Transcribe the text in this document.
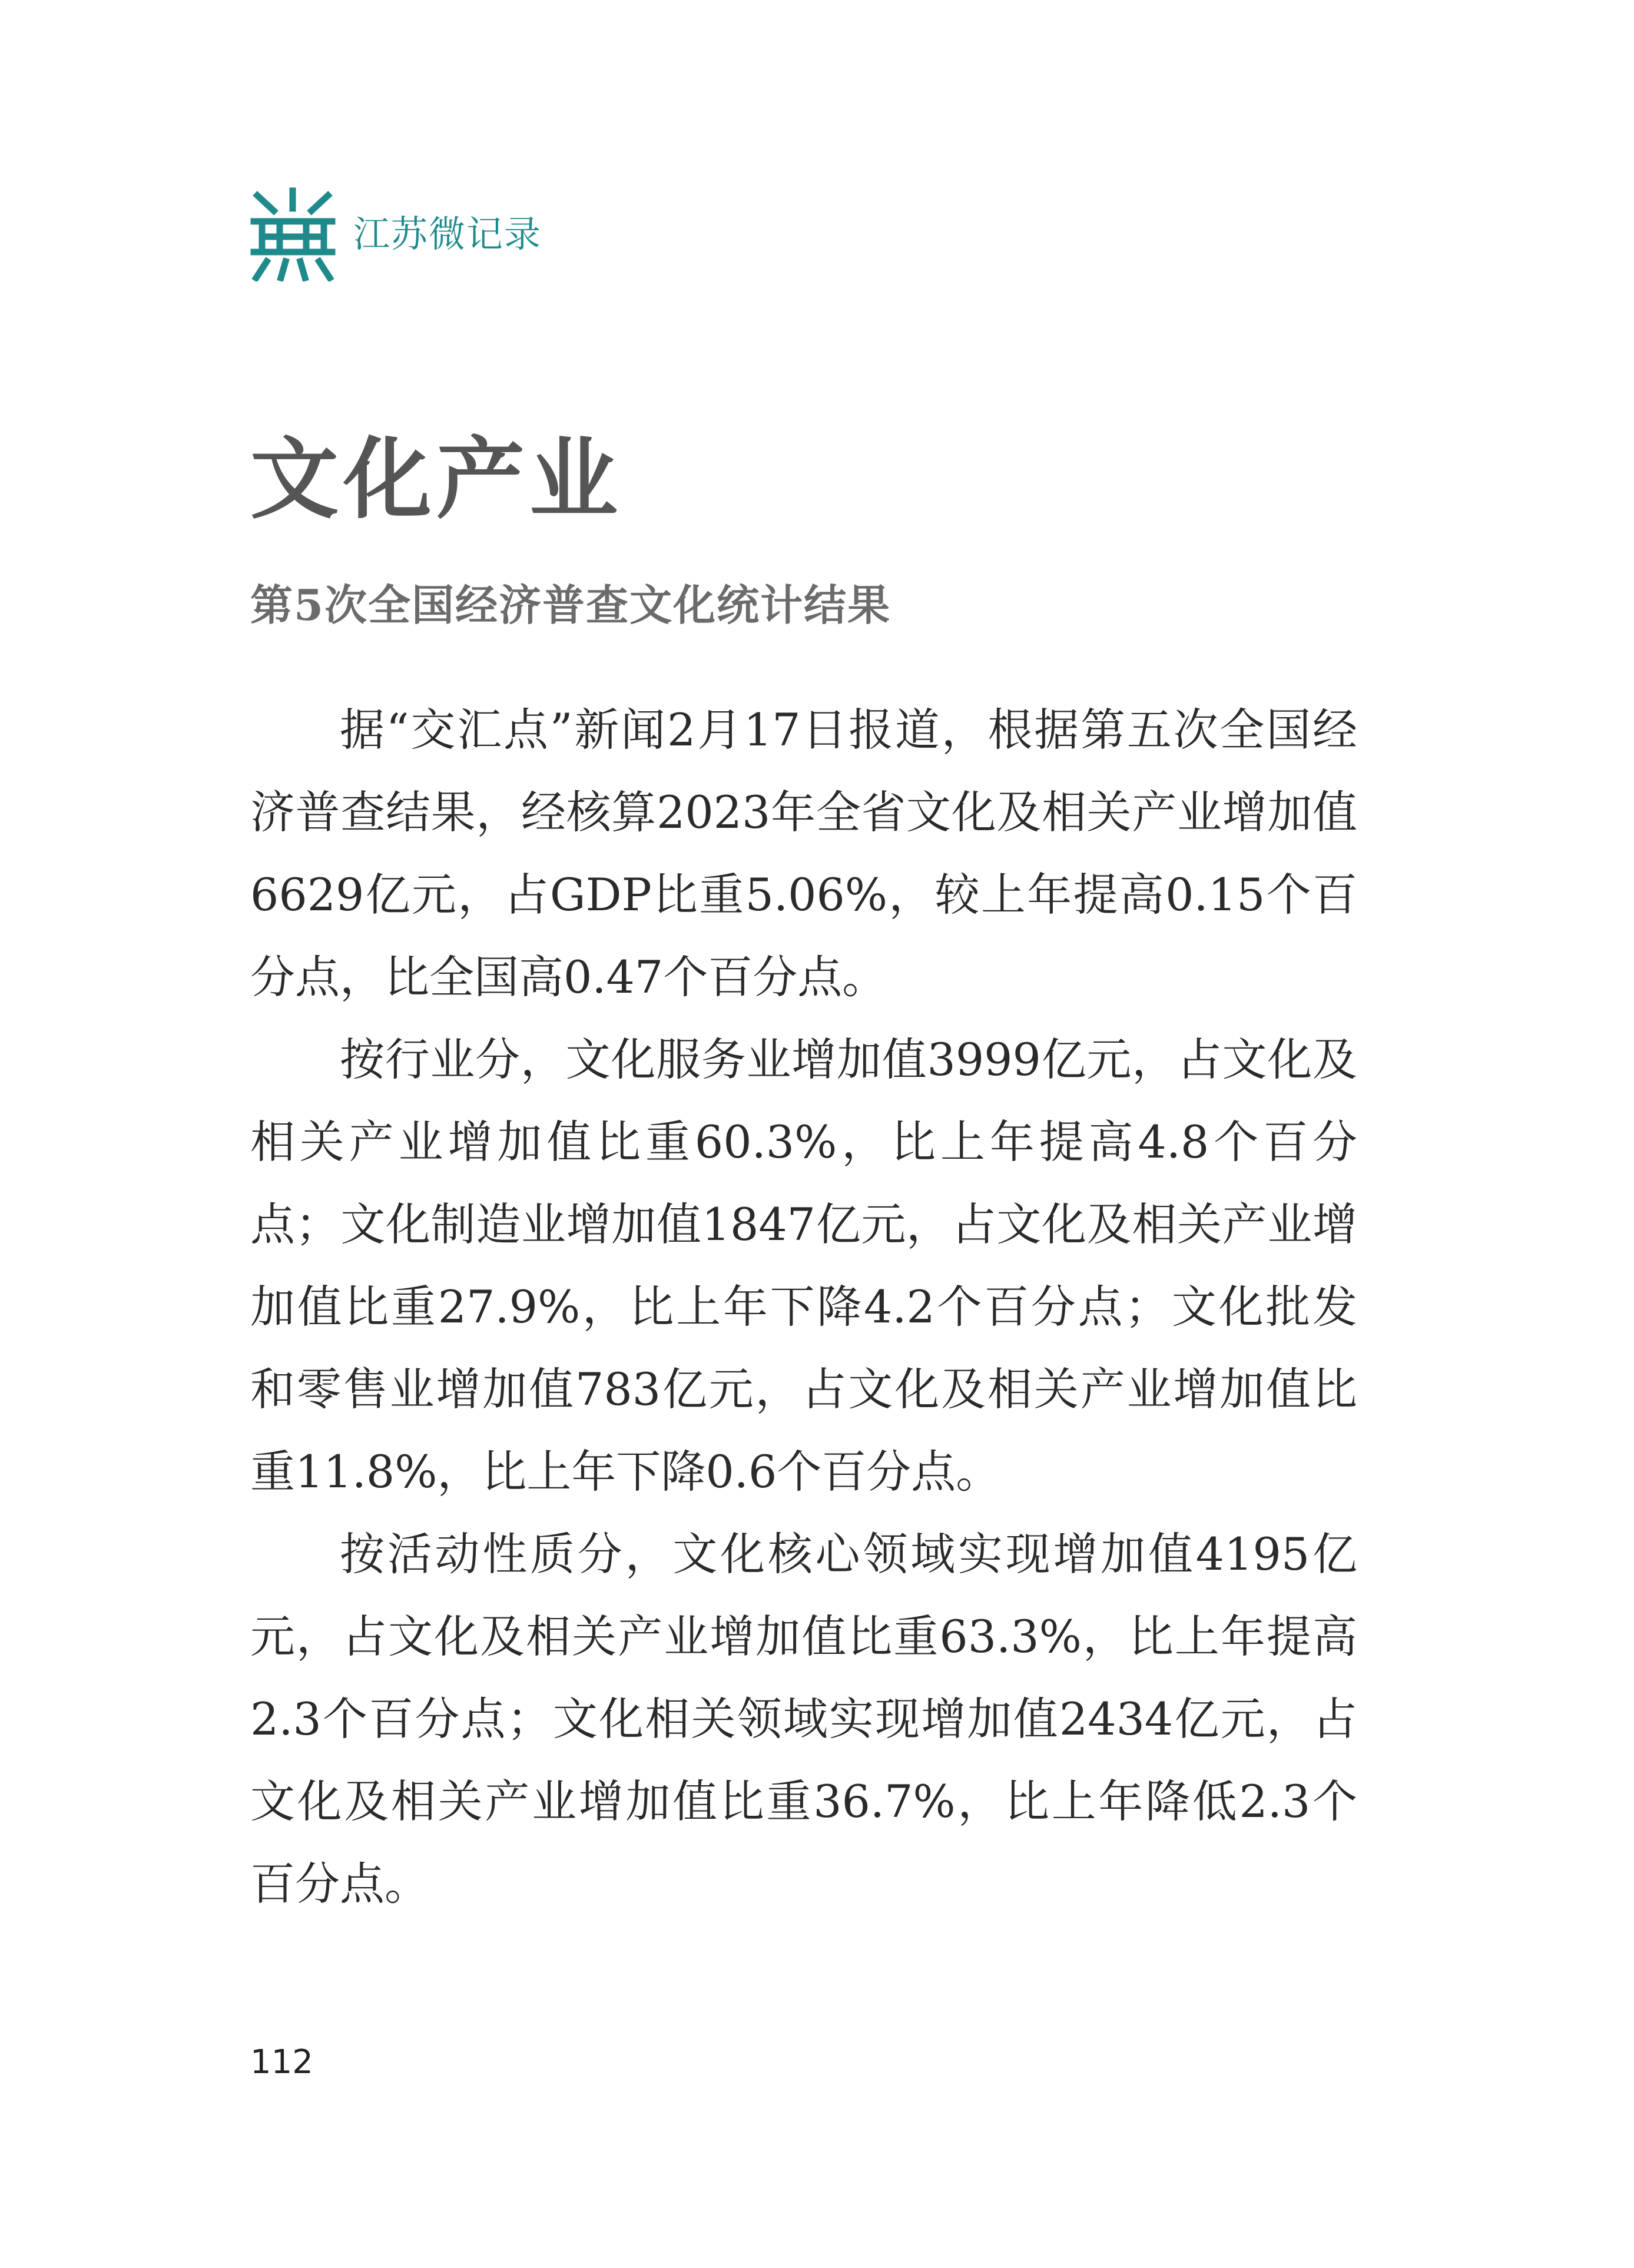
江苏微记录
文化产业
第5次全国经济普查文化统计结果

据“交汇点”新闻2月17日报道，根据第五次全国经济普查结果，经核算2023年全省文化及相关产业增加值6629亿元，占GDP比重5.06%，较上年提高0.15个百分点，比全国高0.47个百分点。

按行业分，文化服务业增加值3999亿元，占文化及相关产业增加值比重60.3%，比上年提高4.8个百分点；文化制造业增加值1847亿元，占文化及相关产业增加值比重27.9%，比上年下降4.2个百分点；文化批发和零售业增加值783亿元，占文化及相关产业增加值比重11.8%，比上年下降0.6个百分点。

按活动性质分，文化核心领域实现增加值4195亿元，占文化及相关产业增加值比重63.3%，比上年提高2.3个百分点；文化相关领域实现增加值2434亿元，占文化及相关产业增加值比重36.7%，比上年降低2.3个百分点。

112
